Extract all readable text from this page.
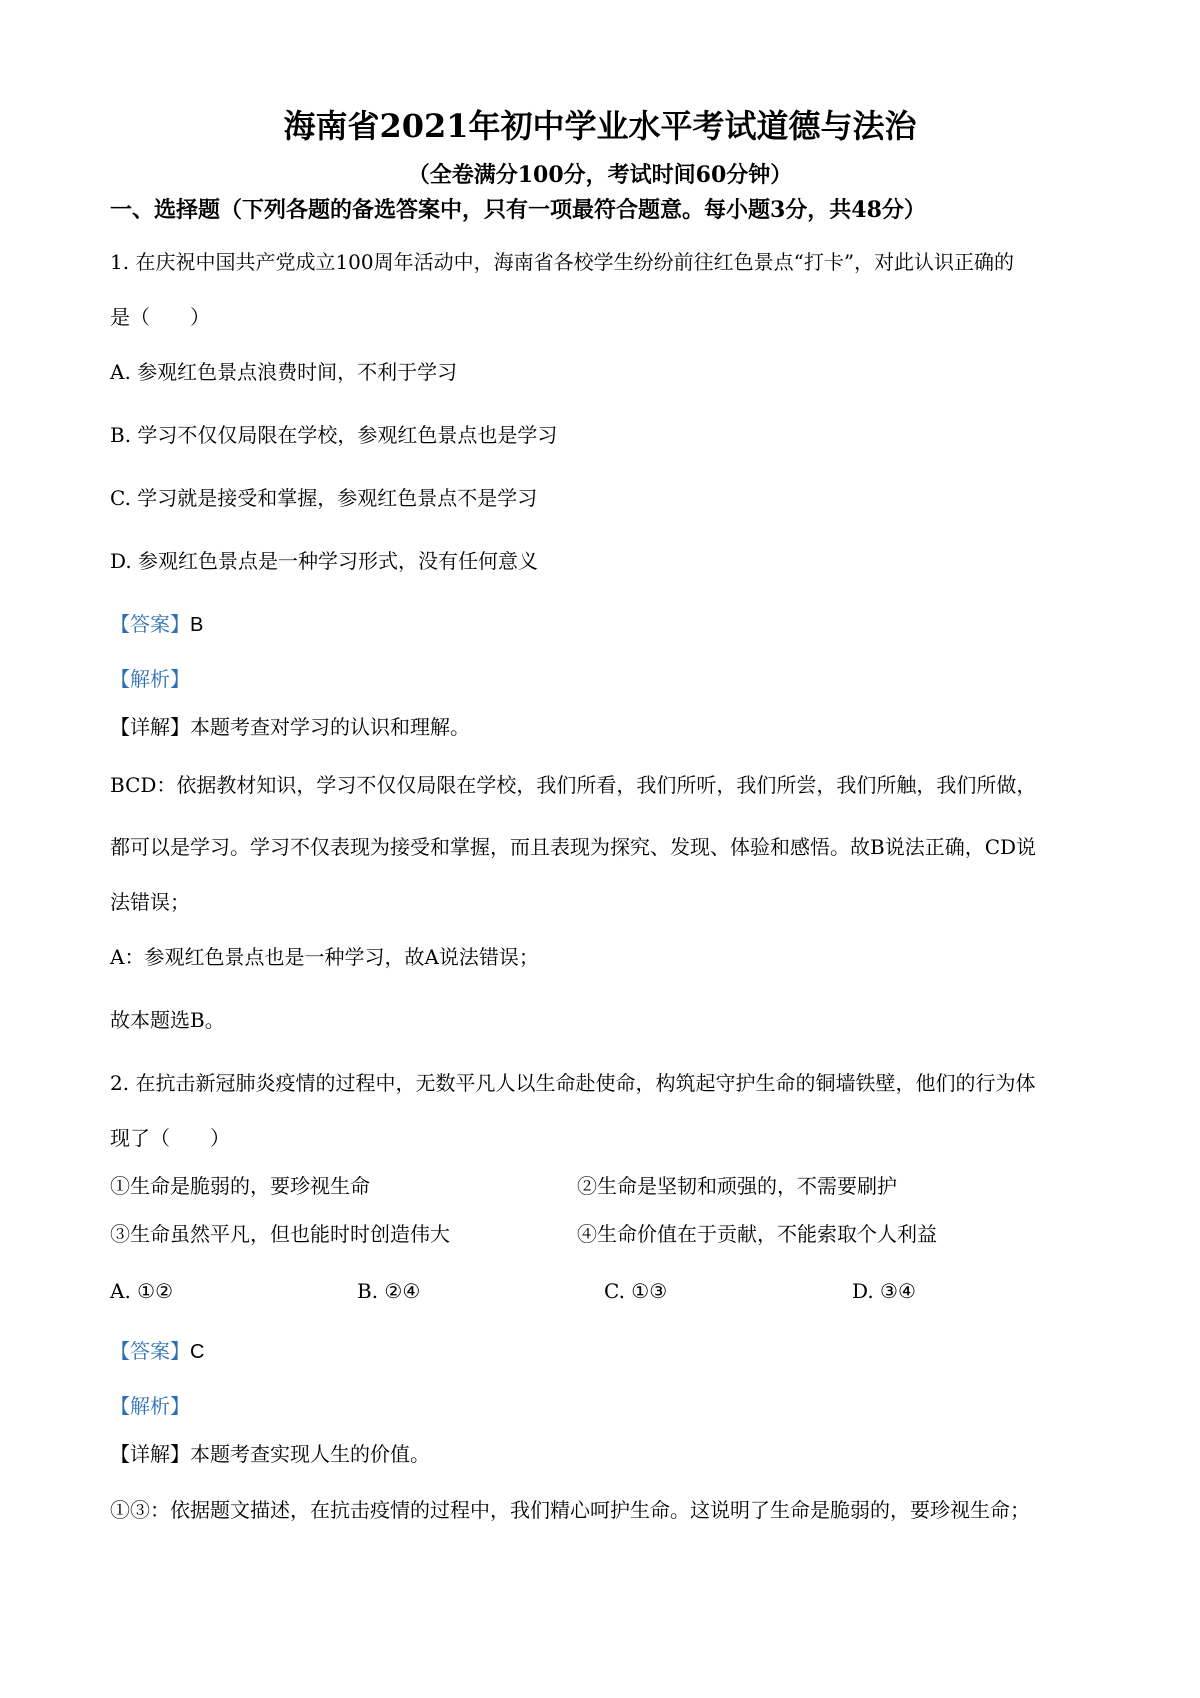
海南省2021年初中学业水平考试道德与法治
（全卷满分100分，考试时间60分钟）
一、选择题（下列各题的备选答案中，只有一项最符合题意。每小题3分，共48分）
1. 在庆祝中国共产党成立100周年活动中，海南省各校学生纷纷前往红色景点“打卡”，对此认识正确的
是（　　）
A. 参观红色景点浪费时间，不利于学习
B. 学习不仅仅局限在学校，参观红色景点也是学习
C. 学习就是接受和掌握，参观红色景点不是学习
D. 参观红色景点是一种学习形式，没有任何意义
【答案】B
【解析】
【详解】本题考查对学习的认识和理解。
BCD：依据教材知识，学习不仅仅局限在学校，我们所看，我们所听，我们所尝，我们所触，我们所做，
都可以是学习。学习不仅表现为接受和掌握，而且表现为探究、发现、体验和感悟。故B说法正确，CD说
法错误；
A：参观红色景点也是一种学习，故A说法错误；
故本题选B。
2. 在抗击新冠肺炎疫情的过程中，无数平凡人以生命赴使命，构筑起守护生命的铜墙铁壁，他们的行为体
现了（　　）
①生命是脆弱的，要珍视生命	②生命是坚韧和顽强的，不需要刷护
③生命虽然平凡，但也能时时创造伟大	④生命价值在于贡献，不能索取个人利益
A. ①②	B. ②④	C. ①③	D. ③④
【答案】C
【解析】
【详解】本题考查实现人生的价值。
①③：依据题文描述，在抗击疫情的过程中，我们精心呵护生命。这说明了生命是脆弱的，要珍视生命；
